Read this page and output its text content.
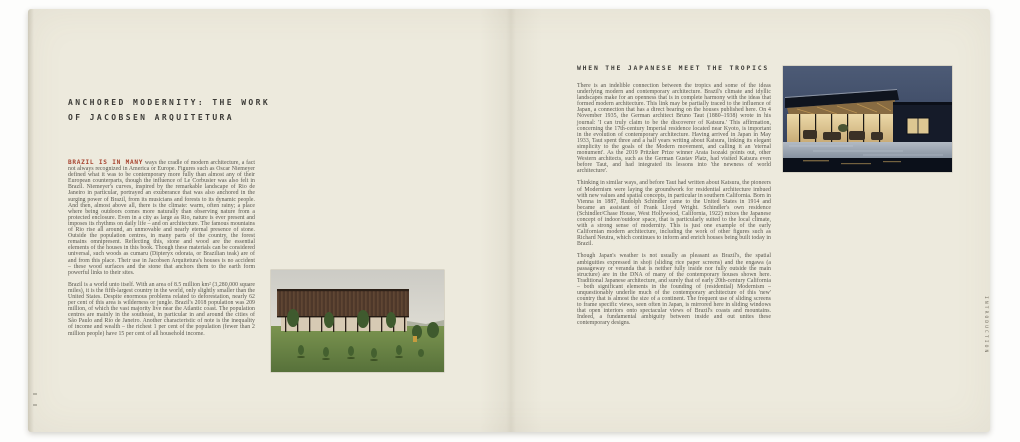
ANCHORED MODERNITY: THE WORK
OF JACOBSEN ARQUITETURA

BRAZIL IS IN MANY ways the cradle of modern architecture, a fact not always recognized in America or Europe. Figures such as Oscar Niemeyer defined what it was to be contemporary more fully than almost any of their European counterparts, though the influence of Le Corbusier was also felt in Brazil. Niemeyer's curves, inspired by the remarkable landscape of Rio de Janeiro in particular, portrayed an exuberance that was also anchored in the surging power of Brazil, from its musicians and forests to its dynamic people. And then, almost above all, there is the climate: warm, often rainy; a place where being outdoors comes more naturally than observing nature from a protected enclosure. Even in a city as large as Rio, nature is ever present and imposes its rhythms on daily life – and on architecture. The famous mountains of Rio rise all around, an unmovable and nearly eternal presence of stone. Outside the population centres, in many parts of the country, the forest remains omnipresent. Reflecting this, stone and wood are the essential elements of the houses in this book. Though these materials can be considered universal, such woods as cumaru (Dipteryx odorata, or Brazilian teak) are of and from this place. Their use in Jacobsen Arquitetura's houses is no accident – these wood surfaces and the stone that anchors them to the earth form powerful links to their sites.

Brazil is a world unto itself. With an area of 8.5 million km² (3,280,000 square miles), it is the fifth-largest country in the world, only slightly smaller than the United States. Despite enormous problems related to deforestation, nearly 62 per cent of this area is wilderness or jungle. Brazil's 2018 population was 209 million, of which the vast majority live near the Atlantic coast. The population centres are mainly in the southeast, in particular in and around the cities of São Paulo and Rio de Janeiro. Another characteristic of note is the inequality of income and wealth – the richest 1 per cent of the population (fewer than 2 million people) have 15 per cent of all household income.

WHEN THE JAPANESE MEET THE TROPICS

There is an indelible connection between the tropics and some of the ideas underlying modern and contemporary architecture. Brazil's climate and idyllic landscapes make for an openness that is in complete harmony with the ideas that formed modern architecture. This link may be partially traced to the influence of Japan, a connection that has a direct bearing on the houses published here. On 4 November 1935, the German architect Bruno Taut (1880–1938) wrote in his journal: 'I can truly claim to be the discoverer of Katsura.' This affirmation, concerning the 17th-century Imperial residence located near Kyoto, is important in the evolution of contemporary architecture. Having arrived in Japan in May 1933, Taut spent three and a half years writing about Katsura, linking its elegant simplicity to the goals of the Modern movement, and calling it an 'eternal monument'. As the 2019 Pritzker Prize winner Arata Isozaki points out, other Western architects, such as the German Gustav Platz, had visited Katsura even before Taut, and had integrated its lessons into 'the newness of world architecture'.

Thinking in similar ways, and before Taut had written about Katsura, the pioneers of Modernism were laying the groundwork for residential architecture imbued with new values and spatial concepts, in particular in southern California. Born in Vienna in 1887, Rudolph Schindler came to the United States in 1914 and became an assistant of Frank Lloyd Wright. Schindler's own residence (Schindler/Chase House, West Hollywood, California, 1922) mixes the Japanese concept of indoor/outdoor space, that is particularly suited to the local climate, with a strong sense of modernity. This is just one example of the early Californian modern architecture, including the work of other figures such as Richard Neutra, which continues to inform and enrich houses being built today in Brazil.

Though Japan's weather is not usually as pleasant as Brazil's, the spatial ambiguities expressed in shoji (sliding rice paper screens) and the engawa (a passageway or veranda that is neither fully inside nor fully outside the main structure) are in the DNA of many of the contemporary houses shown here. Traditional Japanese architecture, and surely that of early 20th-century California – both significant elements in the founding of (residential) Modernism – unquestionably underlie much of the contemporary architecture of this 'new' country that is almost the size of a continent. The frequent use of sliding screens to frame specific views, seen often in Japan, is mirrored here in sliding windows that open interiors onto spectacular views of Brazil's coasts and mountains. Indeed, a fundamental ambiguity between inside and out unites these contemporary designs.	INTRODUCTION
